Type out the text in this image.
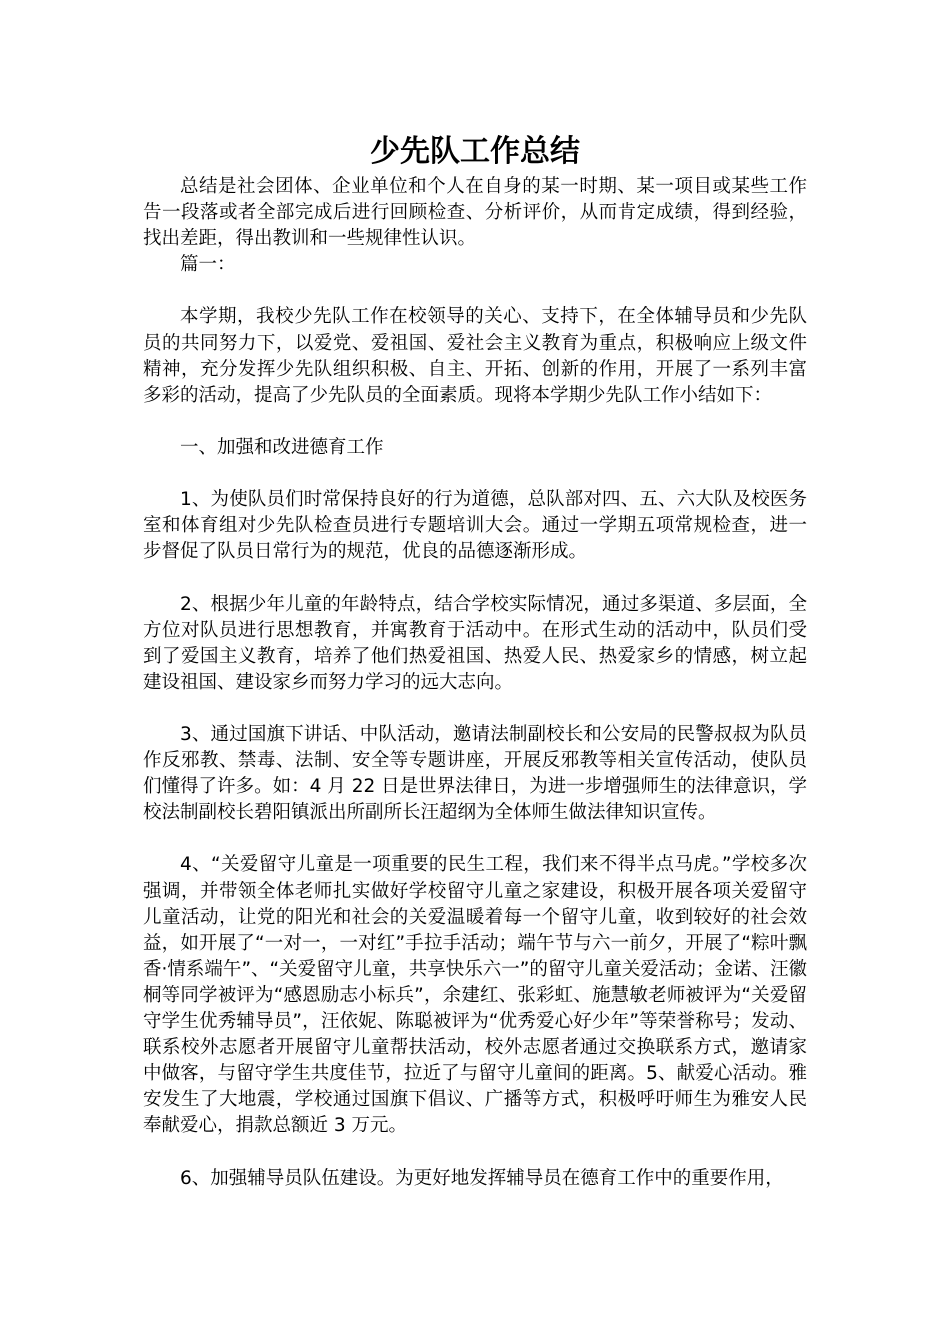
少先队工作总结

总结是社会团体、企业单位和个人在自身的某一时期、某一项目或某些工作告一段落或者全部完成后进行回顾检查、分析评价，从而肯定成绩，得到经验，找出差距，得出教训和一些规律性认识。

篇一：

本学期，我校少先队工作在校领导的关心、支持下，在全体辅导员和少先队员的共同努力下，以爱党、爱祖国、爱社会主义教育为重点，积极响应上级文件精神，充分发挥少先队组织积极、自主、开拓、创新的作用，开展了一系列丰富多彩的活动，提高了少先队员的全面素质。现将本学期少先队工作小结如下：

一、加强和改进德育工作

1、为使队员们时常保持良好的行为道德，总队部对四、五、六大队及校医务室和体育组对少先队检查员进行专题培训大会。通过一学期五项常规检查，进一步督促了队员日常行为的规范，优良的品德逐渐形成。

2、根据少年儿童的年龄特点，结合学校实际情况，通过多渠道、多层面，全方位对队员进行思想教育，并寓教育于活动中。在形式生动的活动中，队员们受到了爱国主义教育，培养了他们热爱祖国、热爱人民、热爱家乡的情感，树立起建设祖国、建设家乡而努力学习的远大志向。

3、通过国旗下讲话、中队活动，邀请法制副校长和公安局的民警叔叔为队员作反邪教、禁毒、法制、安全等专题讲座，开展反邪教等相关宣传活动，使队员们懂得了许多。如：4 月 22 日是世界法律日，为进一步增强师生的法律意识，学校法制副校长碧阳镇派出所副所长汪超纲为全体师生做法律知识宣传。

4、“关爱留守儿童是一项重要的民生工程，我们来不得半点马虎。”学校多次强调，并带领全体老师扎实做好学校留守儿童之家建设，积极开展各项关爱留守儿童活动，让党的阳光和社会的关爱温暖着每一个留守儿童，收到较好的社会效益，如开展了“一对一，一对红”手拉手活动；端午节与六一前夕，开展了“粽叶飘香·情系端午”、“关爱留守儿童，共享快乐六一”的留守儿童关爱活动；金诺、汪徽桐等同学被评为“感恩励志小标兵”，余建红、张彩虹、施慧敏老师被评为“关爱留守学生优秀辅导员”，汪依妮、陈聪被评为“优秀爱心好少年”等荣誉称号；发动、联系校外志愿者开展留守儿童帮扶活动，校外志愿者通过交换联系方式，邀请家中做客，与留守学生共度佳节，拉近了与留守儿童间的距离。5、献爱心活动。雅安发生了大地震，学校通过国旗下倡议、广播等方式，积极呼吁师生为雅安人民奉献爱心，捐款总额近 3 万元。

6、加强辅导员队伍建设。为更好地发挥辅导员在德育工作中的重要作用，
